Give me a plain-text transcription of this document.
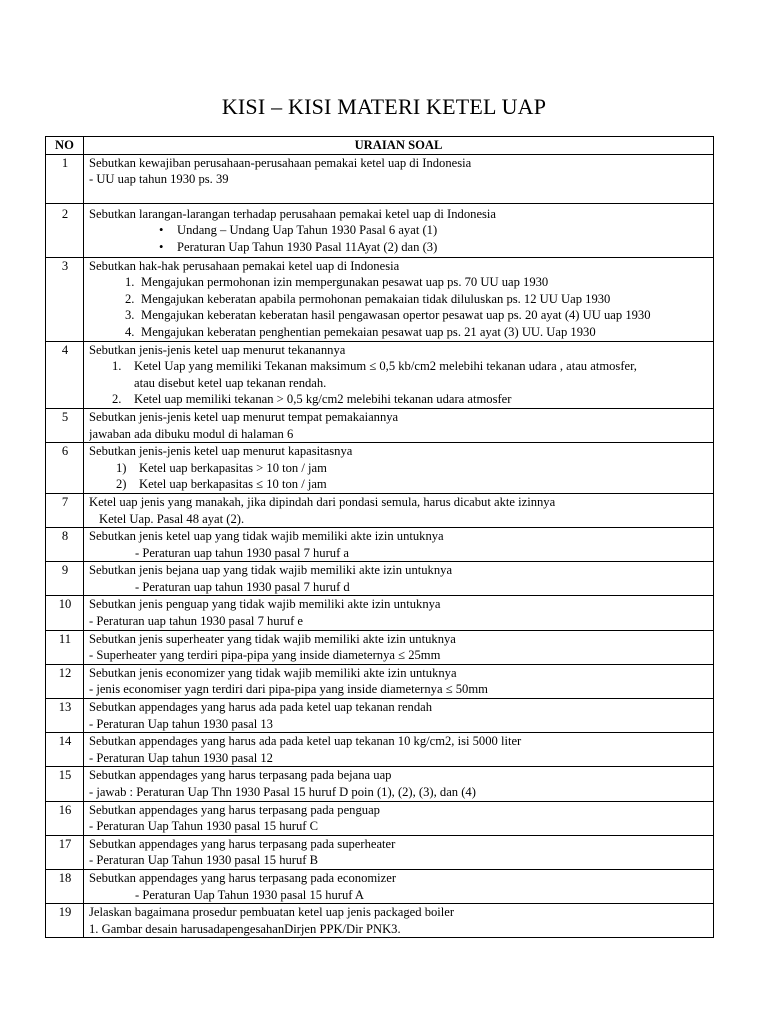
KISI – KISI MATERI KETEL UAP
NO	URAIAN SOAL
1	Sebutkan kewajiban perusahaan-perusahaan pemakai ketel uap di Indonesia
- UU uap tahun 1930 ps. 39

2	Sebutkan larangan-larangan terhadap perusahaan pemakai ketel uap di Indonesia
• Undang – Undang Uap Tahun 1930 Pasal 6 ayat (1)
• Peraturan Uap Tahun 1930 Pasal 11Ayat (2) dan (3)

3	Sebutkan hak-hak perusahaan pemakai ketel uap di Indonesia
1. Mengajukan permohonan izin mempergunakan pesawat uap ps. 70 UU uap 1930
2. Mengajukan keberatan apabila permohonan pemakaian tidak diluluskan ps. 12 UU Uap 1930
3. Mengajukan keberatan keberatan hasil pengawasan opertor pesawat uap ps. 20 ayat (4) UU uap 1930
4. Mengajukan keberatan penghentian pemekaian pesawat uap ps. 21 ayat (3) UU. Uap 1930

4	Sebutkan jenis-jenis ketel uap menurut tekanannya
1. Ketel Uap yang memiliki Tekanan maksimum ≤ 0,5 kb/cm2 melebihi tekanan udara , atau atmosfer,
atau disebut ketel uap tekanan rendah.
2. Ketel uap memiliki tekanan > 0,5 kg/cm2 melebihi tekanan udara atmosfer

5	Sebutkan jenis-jenis ketel uap menurut tempat pemakaiannya
jawaban ada dibuku modul di halaman 6

6	Sebutkan jenis-jenis ketel uap menurut kapasitasnya
1) Ketel uap berkapasitas > 10 ton / jam
2) Ketel uap berkapasitas ≤ 10 ton / jam

7	Ketel uap jenis yang manakah, jika dipindah dari pondasi semula, harus dicabut akte izinnya
Ketel Uap. Pasal 48 ayat (2).

8	Sebutkan jenis ketel uap yang tidak wajib memiliki akte izin untuknya
- Peraturan uap tahun 1930 pasal 7 huruf a

9	Sebutkan jenis bejana uap yang tidak wajib memiliki akte izin untuknya
- Peraturan uap tahun 1930 pasal 7 huruf d

10	Sebutkan jenis penguap yang tidak wajib memiliki akte izin untuknya
- Peraturan uap tahun 1930 pasal 7 huruf e

11	Sebutkan jenis superheater yang tidak wajib memiliki akte izin untuknya
- Superheater yang terdiri pipa-pipa yang inside diameternya ≤ 25mm

12	Sebutkan jenis economizer yang tidak wajib memiliki akte izin untuknya
- jenis economiser yagn terdiri dari pipa-pipa yang inside diameternya ≤ 50mm

13	Sebutkan appendages yang harus ada pada ketel uap tekanan rendah
- Peraturan Uap tahun 1930 pasal 13

14	Sebutkan appendages yang harus ada pada ketel uap tekanan 10 kg/cm2, isi 5000 liter
- Peraturan Uap tahun 1930 pasal 12

15	Sebutkan appendages yang harus terpasang pada bejana uap
- jawab : Peraturan Uap Thn 1930 Pasal 15 huruf D poin (1), (2), (3), dan (4)

16	Sebutkan appendages yang harus terpasang pada penguap
- Peraturan Uap Tahun 1930 pasal 15 huruf C

17	Sebutkan appendages yang harus terpasang pada superheater
- Peraturan Uap Tahun 1930 pasal 15 huruf B

18	Sebutkan appendages yang harus terpasang pada economizer
- Peraturan Uap Tahun 1930 pasal 15 huruf A

19	Jelaskan bagaimana prosedur pembuatan ketel uap jenis packaged boiler
1. Gambar desain harusadapengesahanDirjen PPK/Dir PNK3.
